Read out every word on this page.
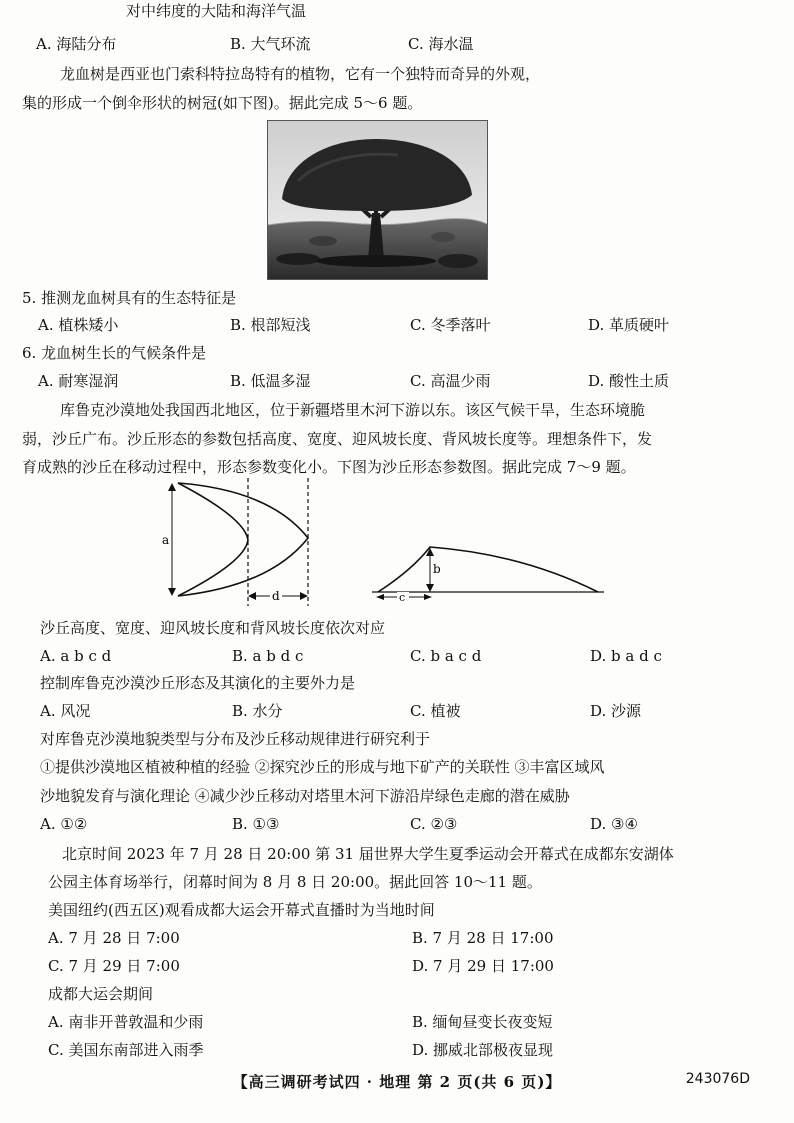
对中纬度的大陆和海洋气温
A. 海陆分布	B. 大气环流	C. 海水温
龙血树是西亚也门索科特拉岛特有的植物，它有一个独特而奇异的外观，
集的形成一个倒伞形状的树冠(如下图)。据此完成 5～6 题。
5. 推测龙血树具有的生态特征是
A. 植株矮小	B. 根部短浅	C. 冬季落叶	D. 革质硬叶
6. 龙血树生长的气候条件是
A. 耐寒湿润	B. 低温多湿	C. 高温少雨	D. 酸性土质
库鲁克沙漠地处我国西北地区，位于新疆塔里木河下游以东。该区气候干旱，生态环境脆
弱，沙丘广布。沙丘形态的参数包括高度、宽度、迎风坡长度、背风坡长度等。理想条件下，发
育成熟的沙丘在移动过程中，形态参数变化小。下图为沙丘形态参数图。据此完成 7～9 题。
a
d
b
c
沙丘高度、宽度、迎风坡长度和背风坡长度依次对应
A. a b c d	B. a b d c	C. b a c d	D. b a d c
控制库鲁克沙漠沙丘形态及其演化的主要外力是
A. 风况	B. 水分	C. 植被	D. 沙源
对库鲁克沙漠地貌类型与分布及沙丘移动规律进行研究利于
①提供沙漠地区植被种植的经验 ②探究沙丘的形成与地下矿产的关联性 ③丰富区域风
沙地貌发育与演化理论 ④减少沙丘移动对塔里木河下游沿岸绿色走廊的潜在威胁
A. ①②	B. ①③	C. ②③	D. ③④
北京时间 2023 年 7 月 28 日 20:00 第 31 届世界大学生夏季运动会开幕式在成都东安湖体
公园主体育场举行，闭幕时间为 8 月 8 日 20:00。据此回答 10～11 题。
美国纽约(西五区)观看成都大运会开幕式直播时为当地时间
A. 7 月 28 日 7:00	B. 7 月 28 日 17:00
C. 7 月 29 日 7:00	D. 7 月 29 日 17:00
成都大运会期间
A. 南非开普敦温和少雨	B. 缅甸昼变长夜变短
C. 美国东南部进入雨季	D. 挪威北部极夜显现
【高三调研考试四 · 地理 第 2 页(共 6 页)】	243076D
